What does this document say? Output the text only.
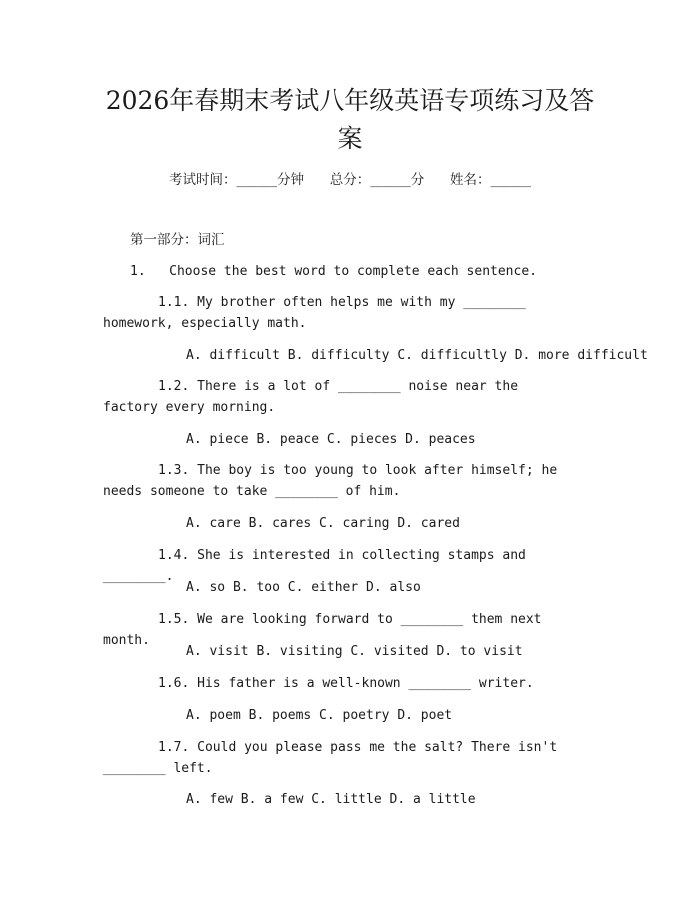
2026年春期末考试八年级英语专项练习及答案
考试时间：______分钟      总分：______分      姓名：______
第一部分：词汇
1.   Choose the best word to complete each sentence.
1.1. My brother often helps me with my ________ homework, especially math.
A. difficult B. difficulty C. difficultly D. more difficult
1.2. There is a lot of ________ noise near the factory every morning.
A. piece B. peace C. pieces D. peaces
1.3. The boy is too young to look after himself; he needs someone to take ________ of him.
A. care B. cares C. caring D. cared
1.4. She is interested in collecting stamps and ________.
A. so B. too C. either D. also
1.5. We are looking forward to ________ them next month.
A. visit B. visiting C. visited D. to visit
1.6. His father is a well-known ________ writer.
A. poem B. poems C. poetry D. poet
1.7. Could you please pass me the salt? There isn't ________ left.
A. few B. a few C. little D. a little
